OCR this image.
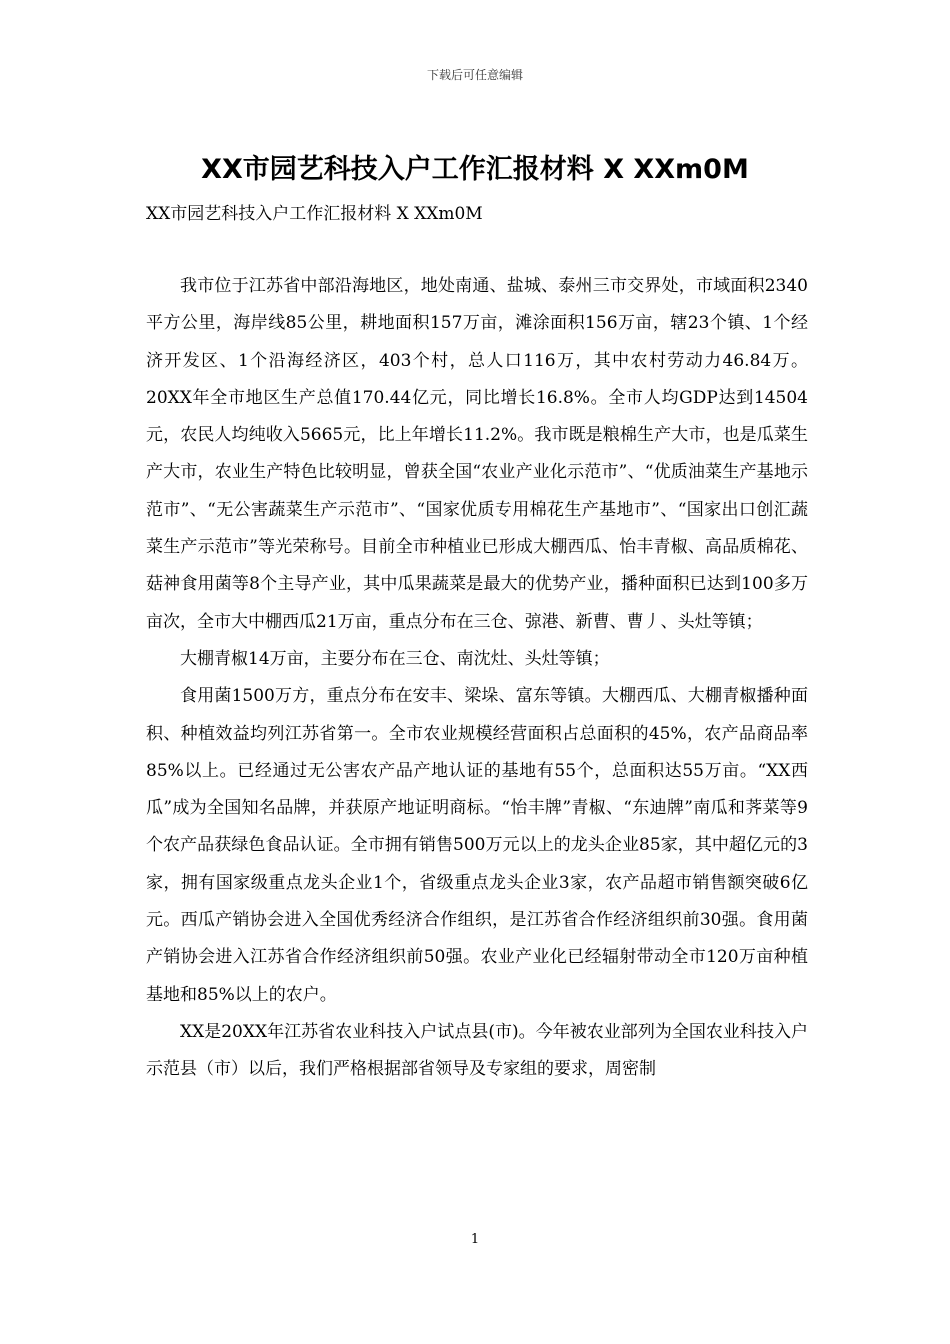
下载后可任意编辑
XX市园艺科技入户工作汇报材料 X XXm0M
XX市园艺科技入户工作汇报材料 X XXm0M

我市位于江苏省中部沿海地区，地处南通、盐城、泰州三市交界处，市域面积2340平方公里，海岸线85公里，耕地面积157万亩，滩涂面积156万亩，辖23个镇、1个经济开发区、1个沿海经济区，403个村，总人口116万，其中农村劳动力46.84万。20XX年全市地区生产总值170.44亿元，同比增长16.8%。全市人均GDP达到14504元，农民人均纯收入5665元，比上年增长11.2%。我市既是粮棉生产大市，也是瓜菜生产大市，农业生产特色比较明显，曾获全国“农业产业化示范市”、“优质油菜生产基地示范市”、“无公害蔬菜生产示范市”、“国家优质专用棉花生产基地市”、“国家出口创汇蔬菜生产示范市”等光荣称号。目前全市种植业已形成大棚西瓜、怡丰青椒、高品质棉花、菇神食用菌等8个主导产业，其中瓜果蔬菜是最大的优势产业，播种面积已达到100多万亩次，全市大中棚西瓜21万亩，重点分布在三仓、弶港、新曹、曹丿、头灶等镇；

大棚青椒14万亩，主要分布在三仓、南沈灶、头灶等镇；

食用菌1500万方，重点分布在安丰、梁垛、富东等镇。大棚西瓜、大棚青椒播种面积、种植效益均列江苏省第一。全市农业规模经营面积占总面积的45%，农产品商品率85%以上。已经通过无公害农产品产地认证的基地有55个，总面积达55万亩。“XX西瓜”成为全国知名品牌，并获原产地证明商标。“怡丰牌”青椒、“东迪牌”南瓜和荠菜等9个农产品获绿色食品认证。全市拥有销售500万元以上的龙头企业85家，其中超亿元的3家，拥有国家级重点龙头企业1个，省级重点龙头企业3家，农产品超市销售额突破6亿元。西瓜产销协会进入全国优秀经济合作组织，是江苏省合作经济组织前30强。食用菌产销协会进入江苏省合作经济组织前50强。农业产业化已经辐射带动全市120万亩种植基地和85%以上的农户。

XX是20XX年江苏省农业科技入户试点县(市)。今年被农业部列为全国农业科技入户示范县（市）以后，我们严格根据部省领导及专家组的要求，周密制

1
